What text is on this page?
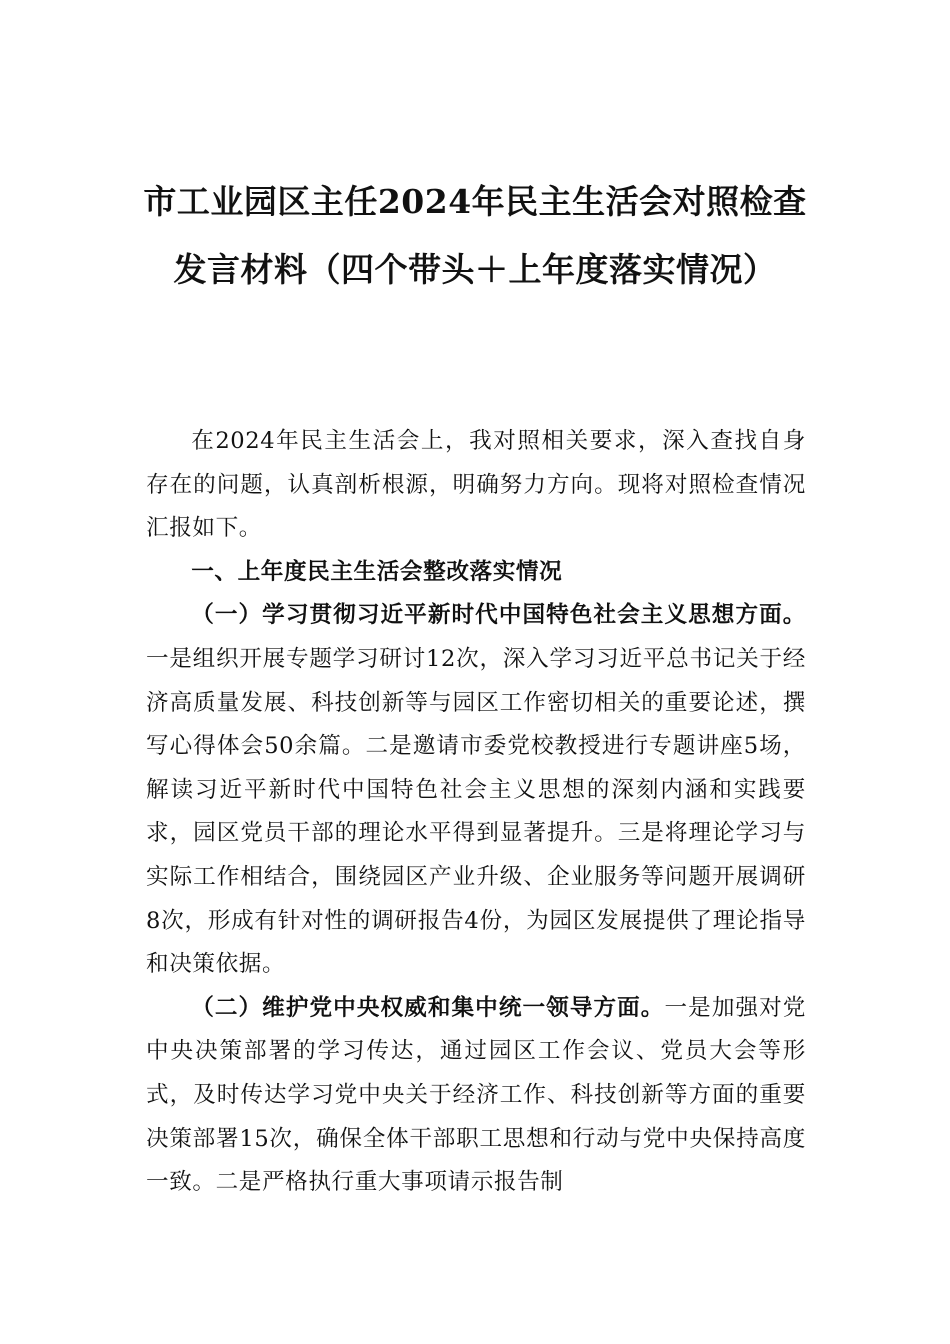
市工业园区主任2024年民主生活会对照检查发言材料（四个带头＋上年度落实情况）

在2024年民主生活会上，我对照相关要求，深入查找自身存在的问题，认真剖析根源，明确努力方向。现将对照检查情况汇报如下。

一、上年度民主生活会整改落实情况

（一）学习贯彻习近平新时代中国特色社会主义思想方面。一是组织开展专题学习研讨12次，深入学习习近平总书记关于经济高质量发展、科技创新等与园区工作密切相关的重要论述，撰写心得体会50余篇。二是邀请市委党校教授进行专题讲座5场，解读习近平新时代中国特色社会主义思想的深刻内涵和实践要求，园区党员干部的理论水平得到显著提升。三是将理论学习与实际工作相结合，围绕园区产业升级、企业服务等问题开展调研8次，形成有针对性的调研报告4份，为园区发展提供了理论指导和决策依据。

（二）维护党中央权威和集中统一领导方面。一是加强对党中央决策部署的学习传达，通过园区工作会议、党员大会等形式，及时传达学习党中央关于经济工作、科技创新等方面的重要决策部署15次，确保全体干部职工思想和行动与党中央保持高度一致。二是严格执行重大事项请示报告制
